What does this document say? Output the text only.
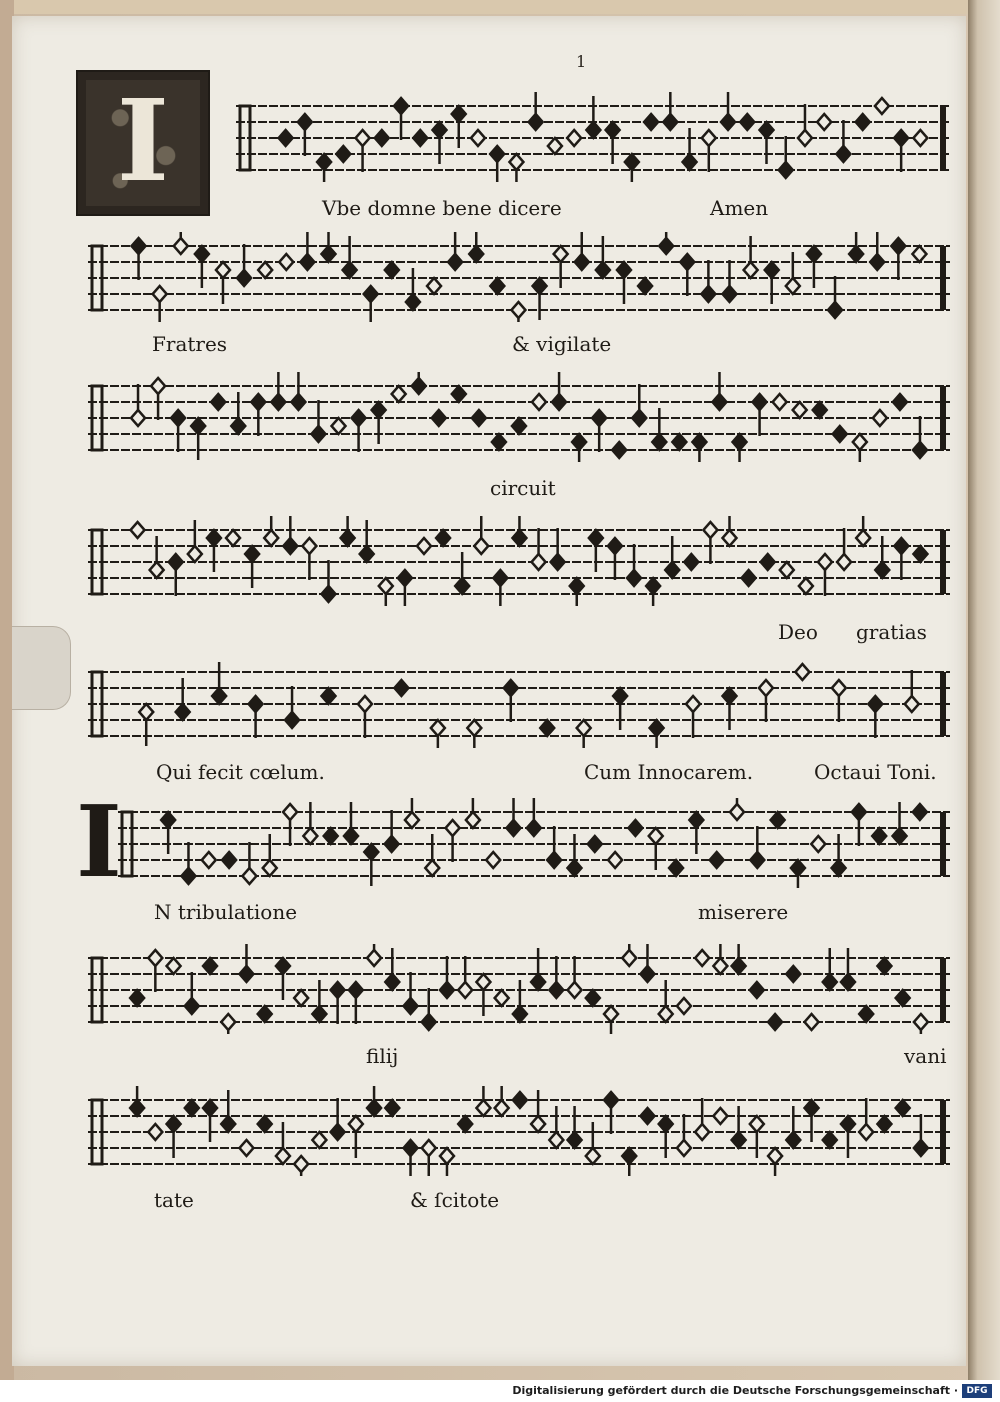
1
I
I
Vbe domne bene dicere	Amen
Fratres	& vigilate
circuit
Deo gratias
Qui fecit cœlum.	Cum Innocarem.	Octaui Toni.
N tribulatione	miserere
filij	vani
tate	& ſcitote
Digitalisierung gefördert durch die Deutsche Forschungsgemeinschaft · DFG
